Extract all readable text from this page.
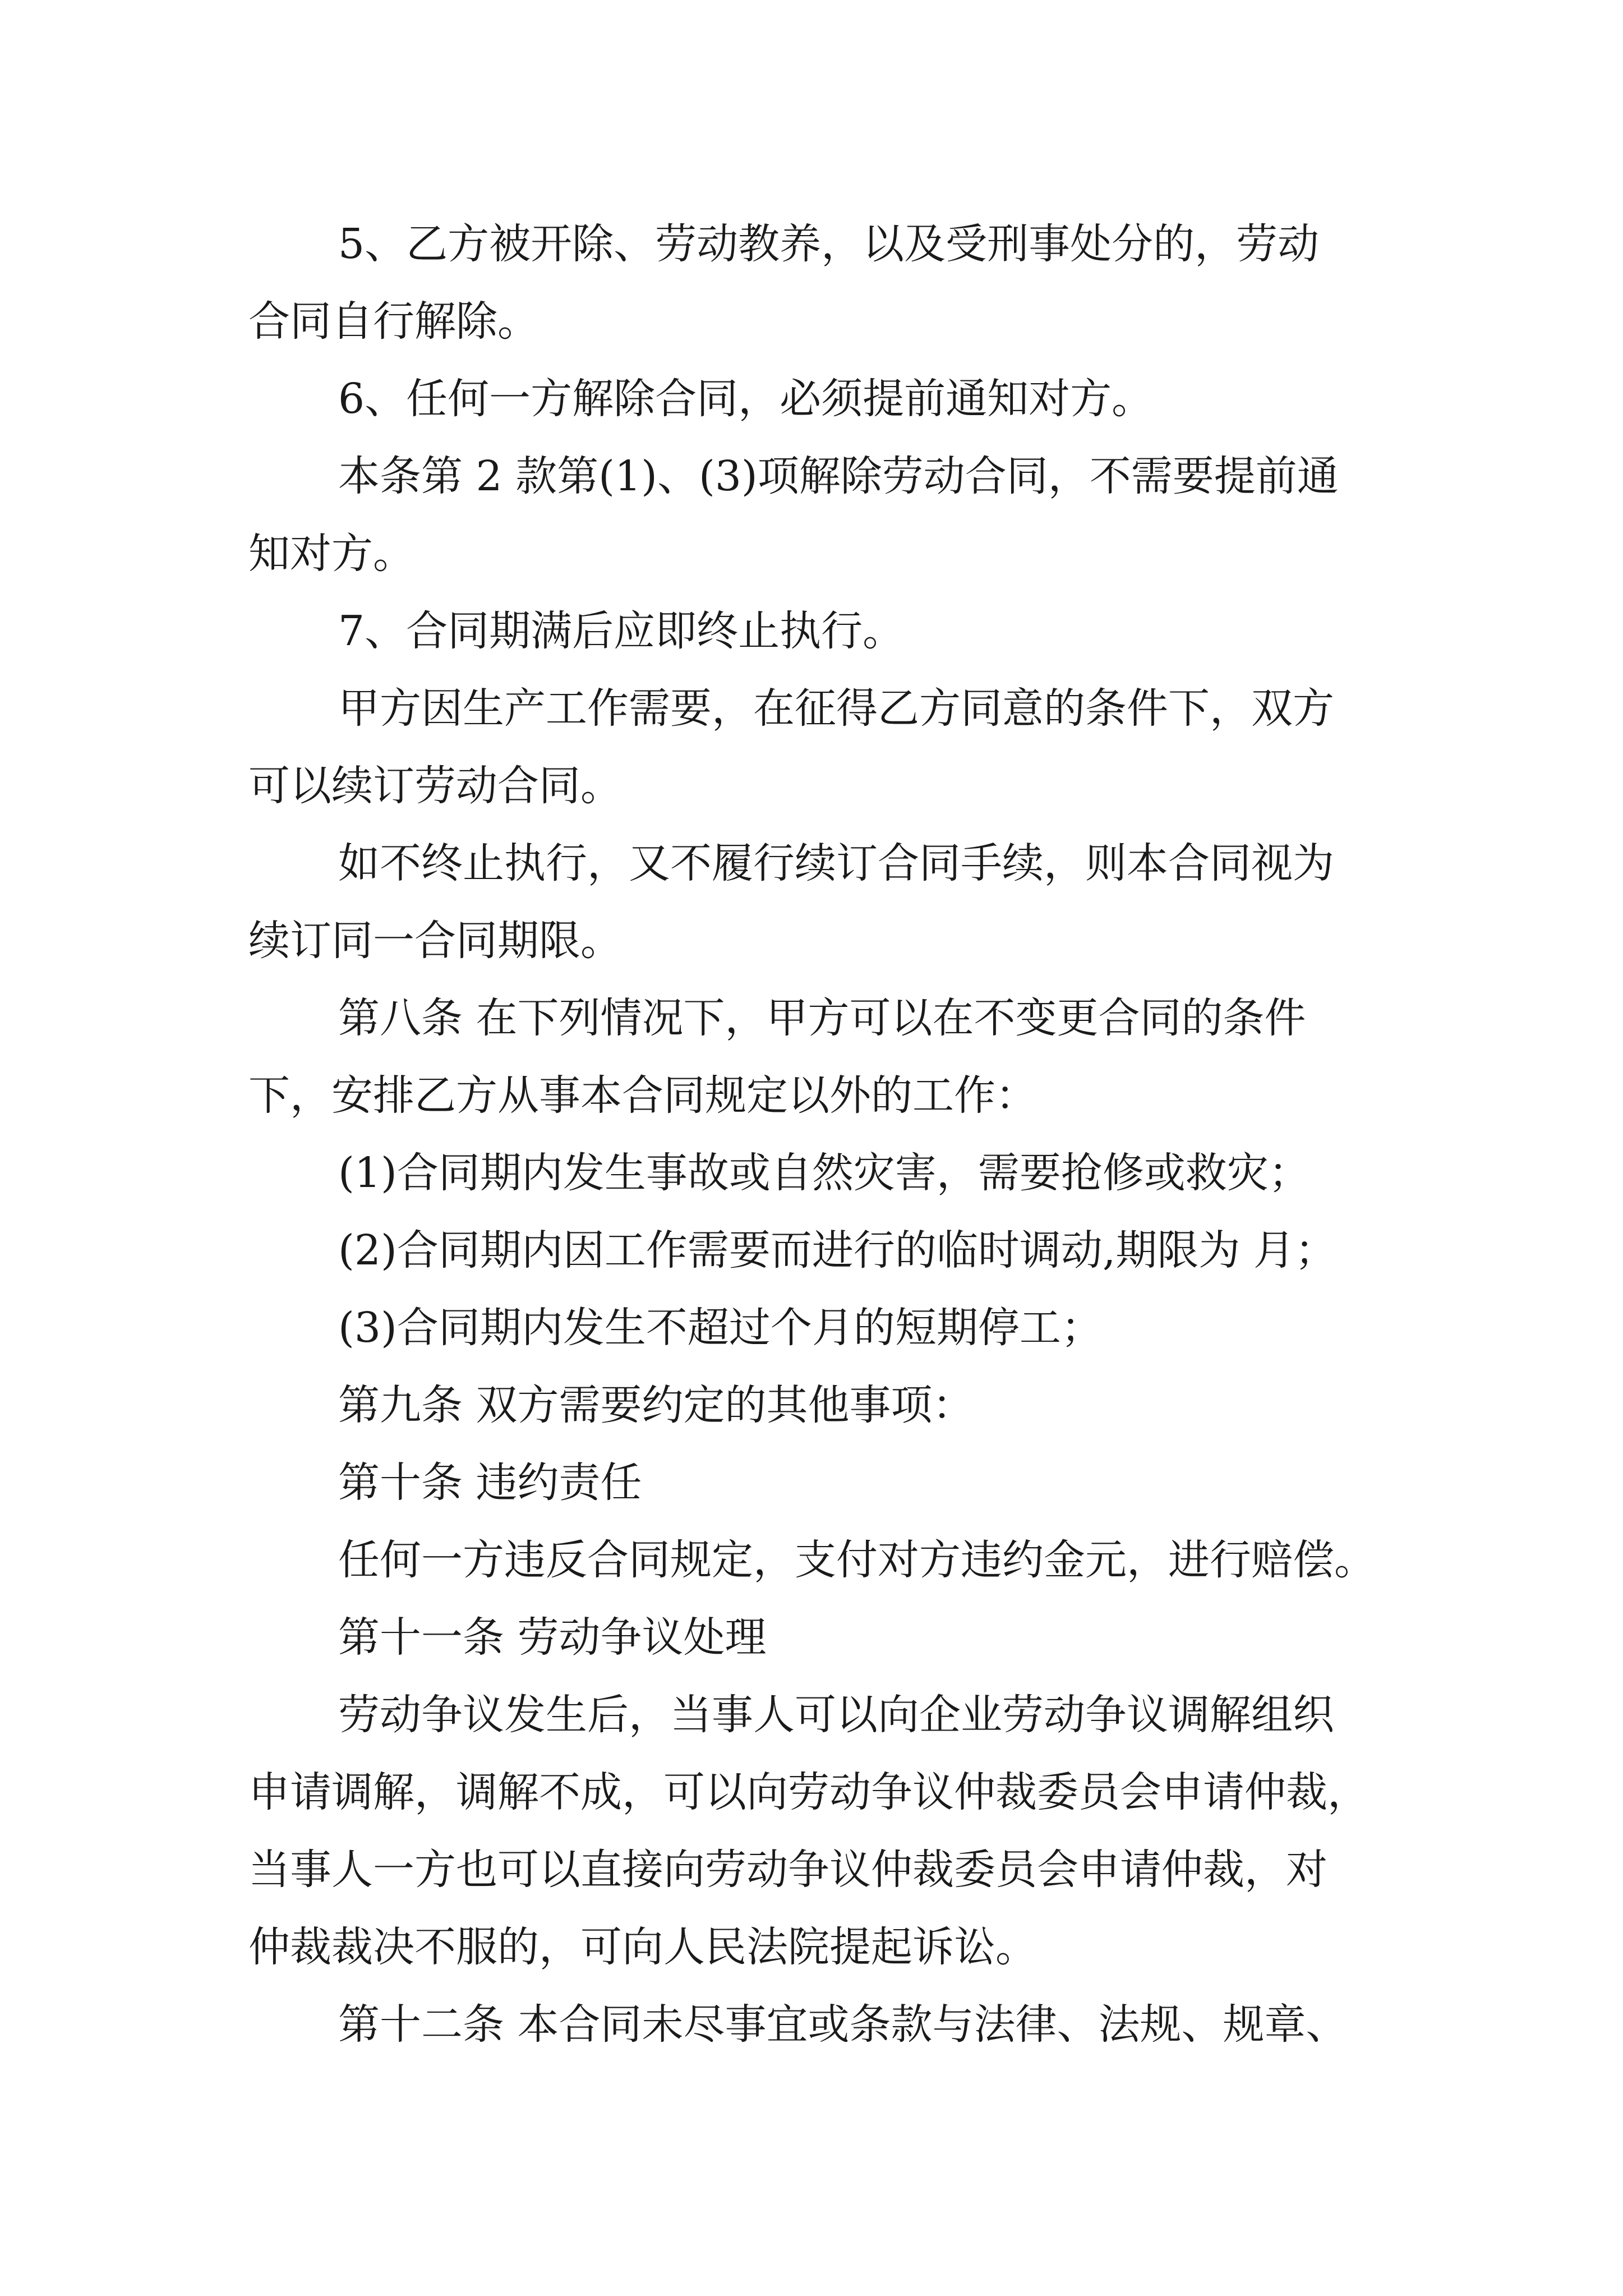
5、乙方被开除、劳动教养，以及受刑事处分的，劳动
合同自行解除。
6、任何一方解除合同，必须提前通知对方。
本条第 2 款第(1)、(3)项解除劳动合同，不需要提前通
知对方。
7、合同期满后应即终止执行。
甲方因生产工作需要，在征得乙方同意的条件下，双方
可以续订劳动合同。
如不终止执行，又不履行续订合同手续，则本合同视为
续订同一合同期限。
第八条 在下列情况下，甲方可以在不变更合同的条件
下，安排乙方从事本合同规定以外的工作：
(1)合同期内发生事故或自然灾害，需要抢修或救灾；
(2)合同期内因工作需要而进行的临时调动,期限为 月；
(3)合同期内发生不超过个月的短期停工；
第九条 双方需要约定的其他事项：
第十条 违约责任
任何一方违反合同规定，支付对方违约金元，进行赔偿。
第十一条 劳动争议处理
劳动争议发生后，当事人可以向企业劳动争议调解组织
申请调解，调解不成，可以向劳动争议仲裁委员会申请仲裁，
当事人一方也可以直接向劳动争议仲裁委员会申请仲裁，对
仲裁裁决不服的，可向人民法院提起诉讼。
第十二条 本合同未尽事宜或条款与法律、法规、规章、
